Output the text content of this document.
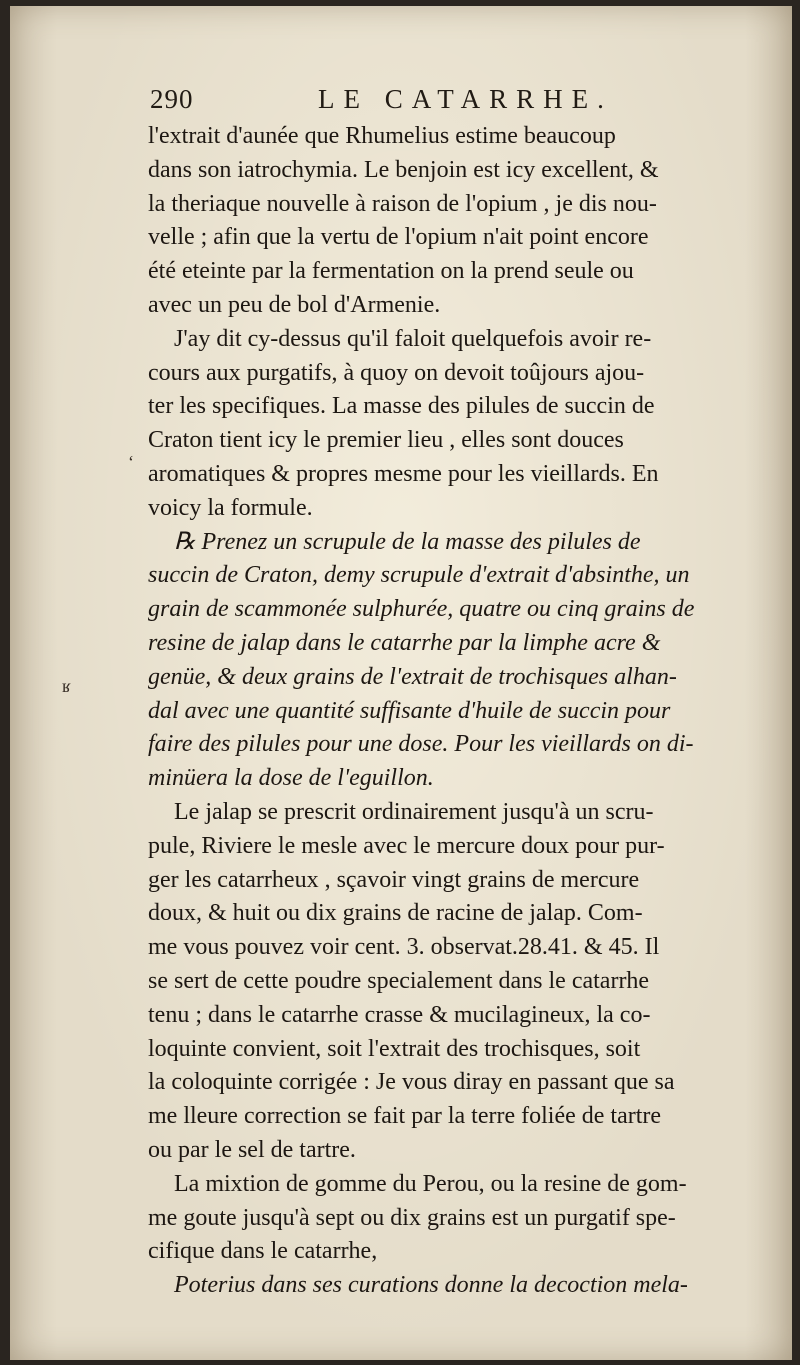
290	LE CATARRHE.
l'extrait d'aunée que Rhumelius estime beaucoup
dans son iatrochymia. Le benjoin est icy excellent, &
la theriaque nouvelle à raison de l'opium , je dis nou-
velle ; afin que la vertu de l'opium n'ait point encore
été eteinte par la fermentation on la prend seule ou
avec un peu de bol d'Armenie.
J'ay dit cy-dessus qu'il faloit quelquefois avoir re-
cours aux purgatifs, à quoy on devoit toûjours ajou-
ter les specifiques. La masse des pilules de succin de
Craton tient icy le premier lieu , elles sont douces
aromatiques & propres mesme pour les vieillards. En
voicy la formule.
℞ Prenez un scrupule de la masse des pilules de
succin de Craton, demy scrupule d'extrait d'absinthe, un
grain de scammonée sulphurée, quatre ou cinq grains de
resine de jalap dans le catarrhe par la limphe acre &
genüe, & deux grains de l'extrait de trochisques alhan-
dal avec une quantité suffisante d'huile de succin pour
faire des pilules pour une dose. Pour les vieillards on di-
minüera la dose de l'eguillon.
Le jalap se prescrit ordinairement jusqu'à un scru-
pule, Riviere le mesle avec le mercure doux pour pur-
ger les catarrheux , sçavoir vingt grains de mercure
doux, & huit ou dix grains de racine de jalap. Com-
me vous pouvez voir cent. 3. observat.28.41. & 45. Il
se sert de cette poudre specialement dans le catarrhe
tenu ; dans le catarrhe crasse & mucilagineux, la co-
loquinte convient, soit l'extrait des trochisques, soit
la coloquinte corrigée : Je vous diray en passant que sa
me lleure correction se fait par la terre foliée de tartre
ou par le sel de tartre.
La mixtion de gomme du Perou, ou la resine de gom-
me goute jusqu'à sept ou dix grains est un purgatif spe-
cifique dans le catarrhe,
Poterius dans ses curations donne la decoction mela-
ʻ
ʁ
